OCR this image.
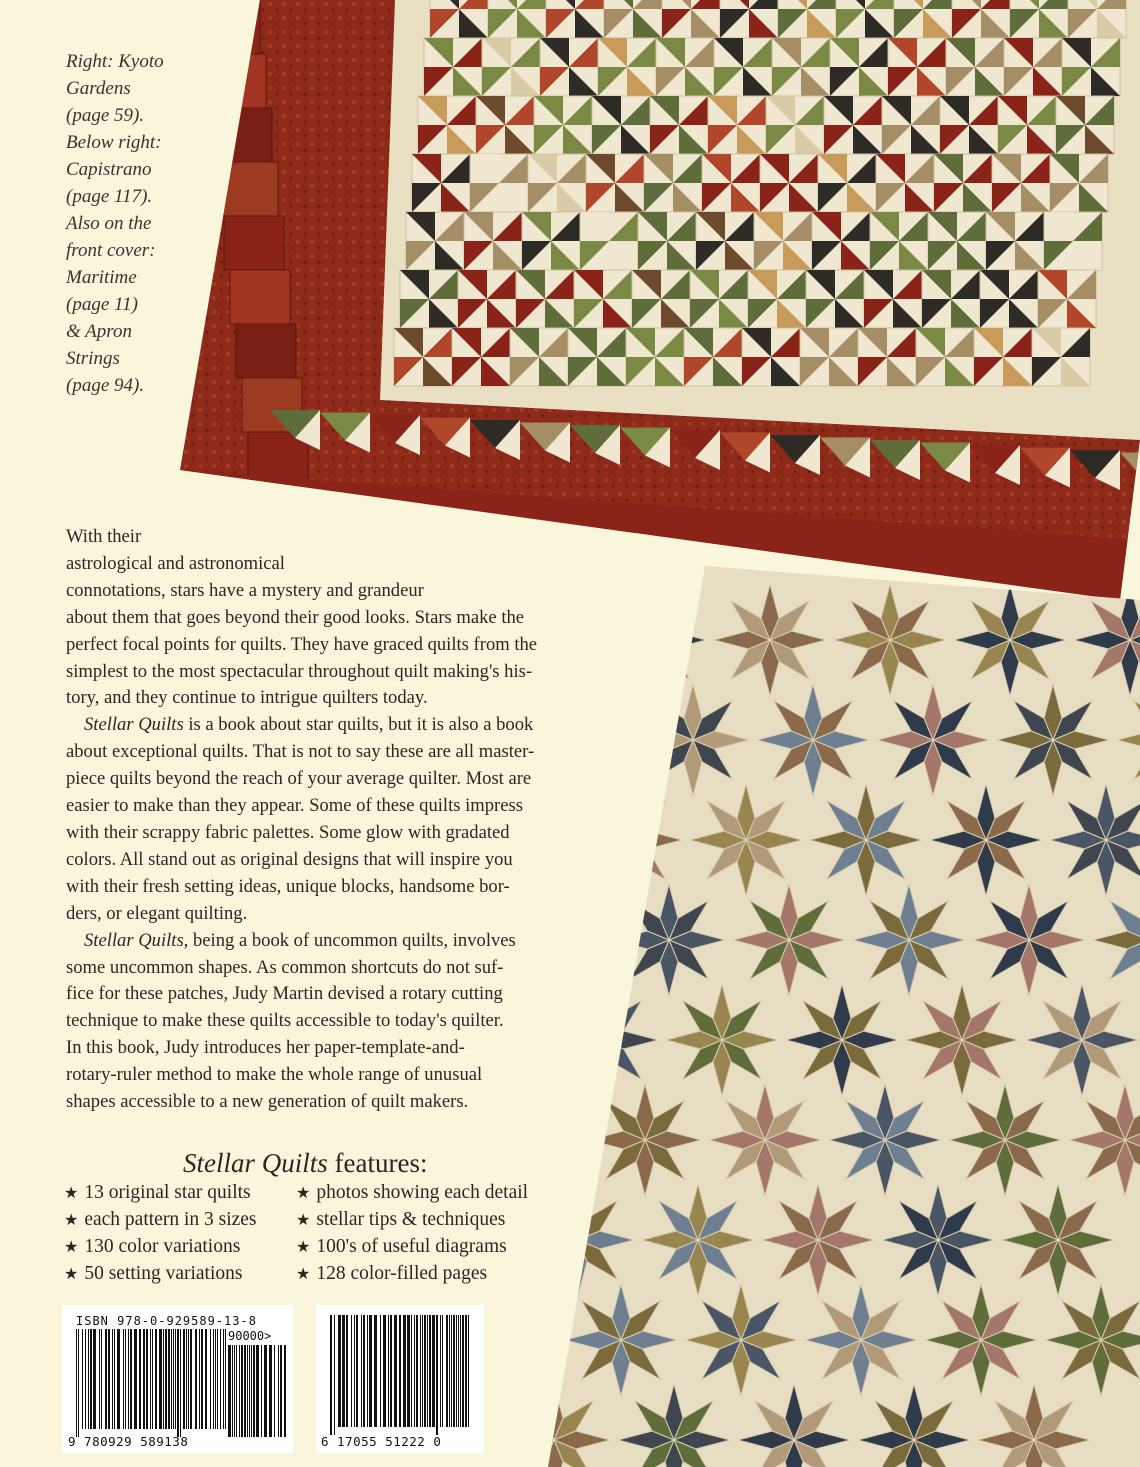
Right: Kyoto
Gardens
(page 59).
Below right:
Capistrano
(page 117).
Also on the
front cover:
Maritime
(page 11)
& Apron
Strings
(page 94).
With their
astrological and astronomical
connotations, stars have a mystery and grandeur
about them that goes beyond their good looks. Stars make the
perfect focal points for quilts. They have graced quilts from the
simplest to the most spectacular throughout quilt making's his-
tory, and they continue to intrigue quilters today.
Stellar Quilts is a book about star quilts, but it is also a book
about exceptional quilts. That is not to say these are all master-
piece quilts beyond the reach of your average quilter. Most are
easier to make than they appear. Some of these quilts impress
with their scrappy fabric palettes. Some glow with gradated
colors. All stand out as original designs that will inspire you
with their fresh setting ideas, unique blocks, handsome bor-
ders, or elegant quilting.
Stellar Quilts, being a book of uncommon quilts, involves
some uncommon shapes. As common shortcuts do not suf-
fice for these patches, Judy Martin devised a rotary cutting
technique to make these quilts accessible to today's quilter.
In this book, Judy introduces her paper-template-and-
rotary-ruler method to make the whole range of unusual
shapes accessible to a new generation of quilt makers.
Stellar Quilts features:
★ 13 original star quilts
★ each pattern in 3 sizes
★ 130 color variations
★ 50 setting variations
★ photos showing each detail
★ stellar tips & techniques
★ 100's of useful diagrams
★ 128 color-filled pages
ISBN 978-0-929589-13-8
90000>
9 780929 589138	6 17055 51222 0
